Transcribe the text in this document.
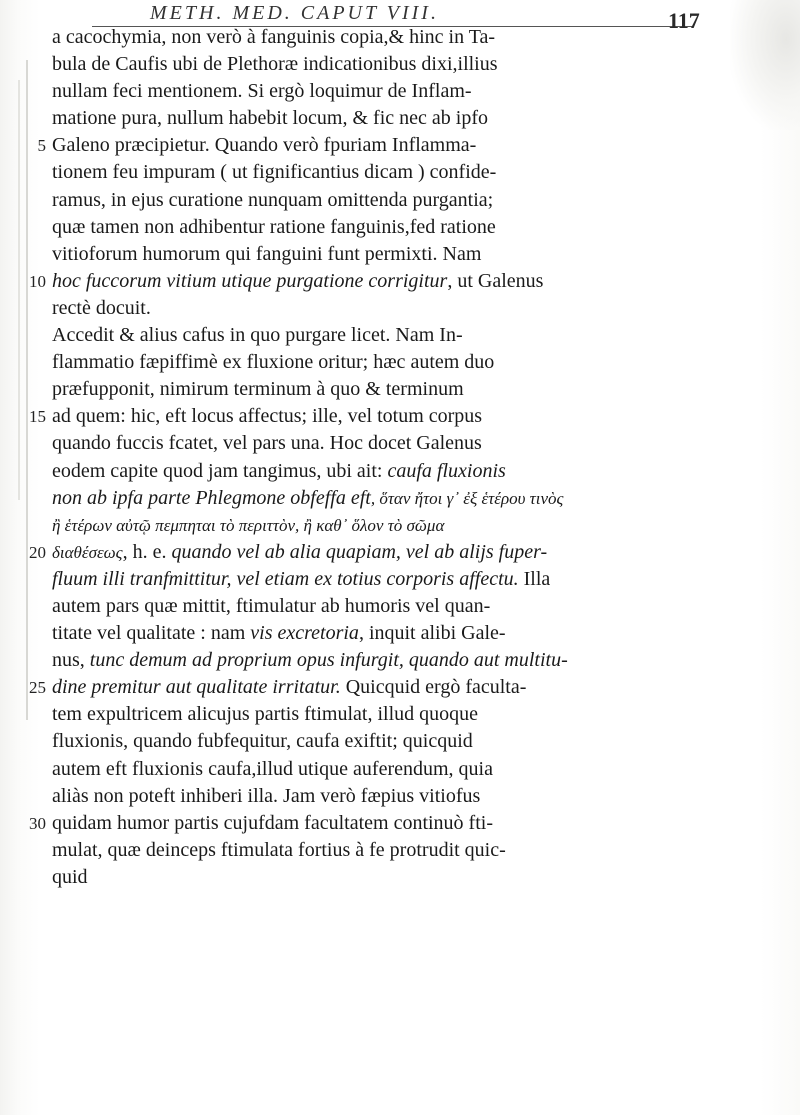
METH. MED. CAPUT VIII.	117
a cacochymia, non verò à fanguinis copia,& hinc in Ta-
bula de Caufis ubi de Plethoræ indicationibus dixi,illius
nullam feci mentionem. Si ergò loquimur de Inflam-
matione pura, nullum habebit locum, & fic nec ab ipfo
5 Galeno præcipietur. Quando verò fpuriam Inflamma-
tionem feu impuram ( ut fignificantius dicam ) confide-
ramus, in ejus curatione nunquam omittenda purgantia;
quæ tamen non adhibentur ratione fanguinis,fed ratione
vitioforum humorum qui fanguini funt permixti. Nam
10 hoc fuccorum vitium utique purgatione corrigitur, ut Galenus
rectè docuit.
Accedit & alius cafus in quo purgare licet. Nam In-
flammatio fæpiffimè ex fluxione oritur; hæc autem duo
præfupponit, nimirum terminum à quo & terminum
15 ad quem: hic, eft locus affectus; ille, vel totum corpus
quando fuccis fcatet, vel pars una. Hoc docet Galenus
eodem capite quod jam tangimus, ubi ait: caufa fluxionis
non ab ipfa parte Phlegmone obfeffa eft, ὅταν ἤτοι γ᾽ ἐξ ἑτέρου τινὸς
ἢ ἑτέρων αὐτῷ πεμπηται τὸ περιττὸν, ἢ καθ᾽ ὅλον τὸ σῶμα
20 διαθέσεως, h. e. quando vel ab alia quapiam, vel ab alijs fuper-
fluum illi tranfmittitur, vel etiam ex totius corporis affectu. Illa
autem pars quæ mittit, ftimulatur ab humoris vel quan-
titate vel qualitate : nam vis excretoria, inquit alibi Gale-
nus, tunc demum ad proprium opus infurgit, quando aut multitu-
25 dine premitur aut qualitate irritatur. Quicquid ergò faculta-
tem expultricem alicujus partis ftimulat, illud quoque
fluxionis, quando fubfequitur, caufa exiftit; quicquid
autem eft fluxionis caufa,illud utique auferendum, quia
aliàs non poteft inhiberi illa. Jam verò fæpius vitiofus
30 quidam humor partis cujufdam facultatem continuò fti-
mulat, quæ deinceps ftimulata fortius à fe protrudit quic-
quid
